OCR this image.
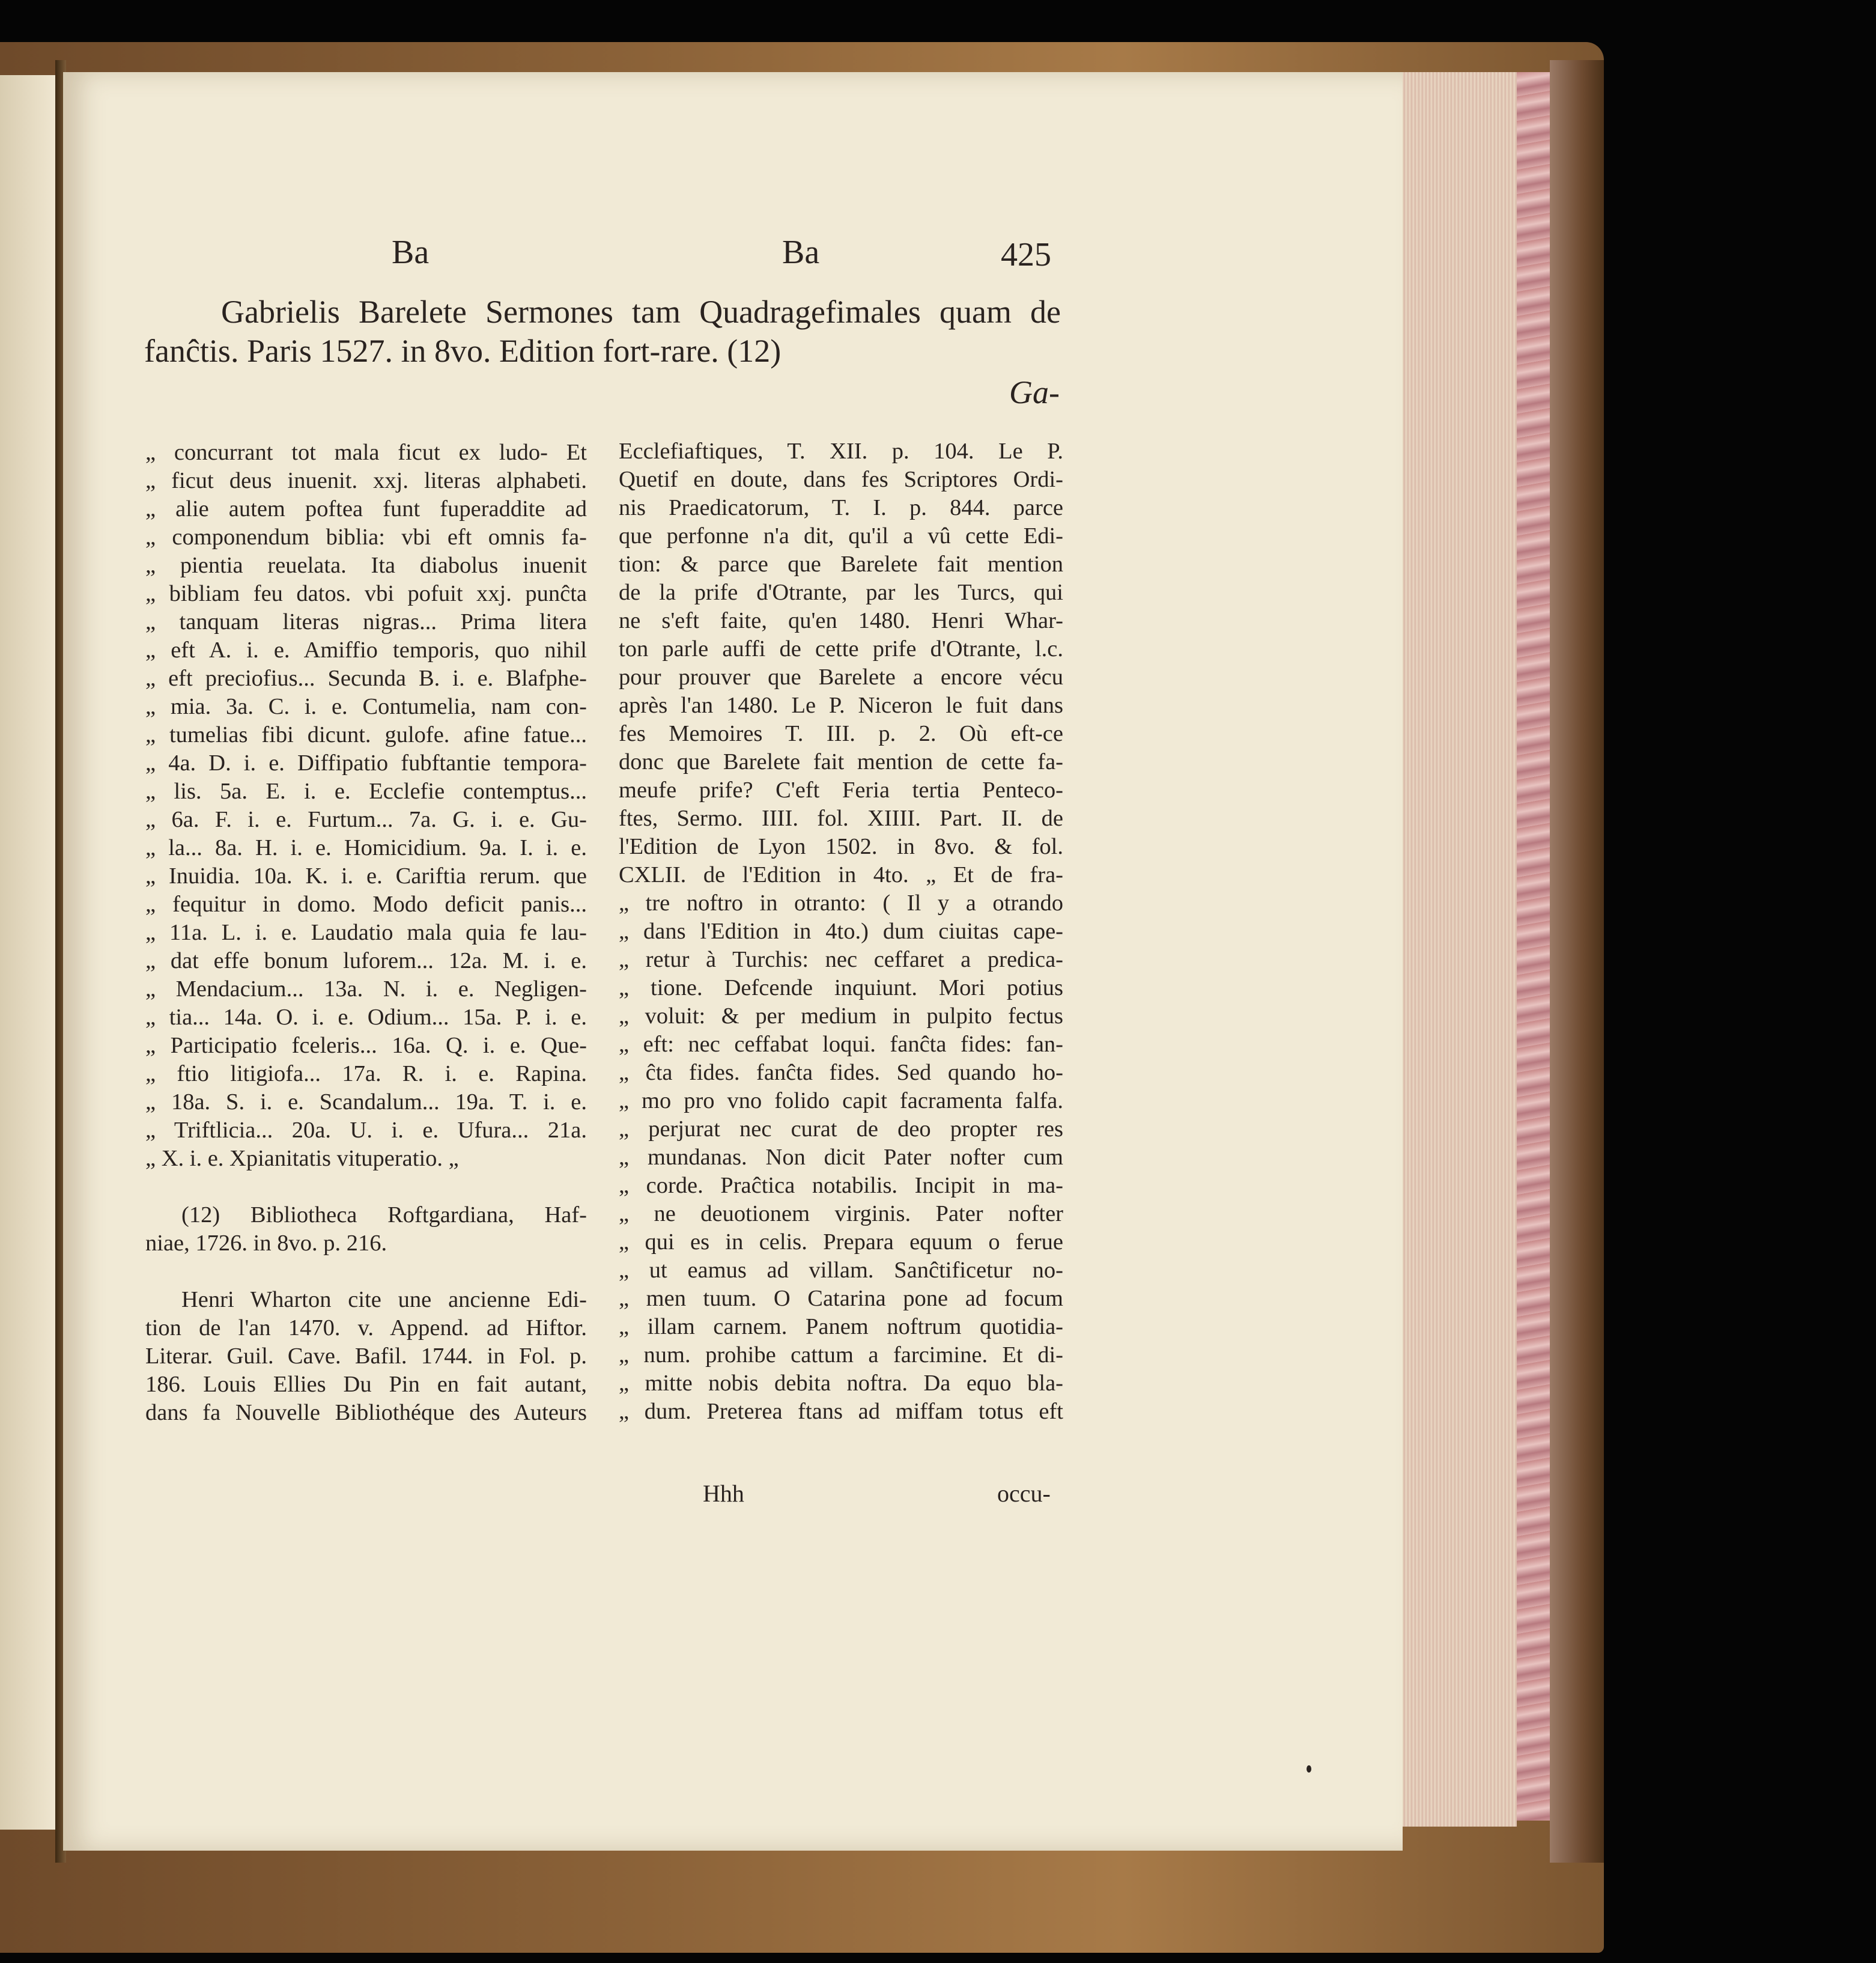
Ba	Ba	425
Gabrielis Barelete Sermones tam Quadragefimales quam de
fanĉtis. Paris 1527. in 8vo. Edition fort-rare. (12)
Ga-
„ concurrant tot mala ficut ex ludo- Et
„ ficut deus inuenit. xxj. literas alphabeti.
„ alie autem poftea funt fuperaddite ad
„ componendum biblia: vbi eft omnis fa-
„ pientia reuelata. Ita diabolus inuenit
„ bibliam feu datos. vbi pofuit xxj. punĉta
„ tanquam literas nigras... Prima litera
„ eft A. i. e. Amiffio temporis, quo nihil
„ eft preciofius... Secunda B. i. e. Blafphe-
„ mia. 3a. C. i. e. Contumelia, nam con-
„ tumelias fibi dicunt. gulofe. afine fatue...
„ 4a. D. i. e. Diffipatio fubftantie tempora-
„ lis. 5a. E. i. e. Ecclefie contemptus...
„ 6a. F. i. e. Furtum... 7a. G. i. e. Gu-
„ la... 8a. H. i. e. Homicidium. 9a. I. i. e.
„ Inuidia. 10a. K. i. e. Cariftia rerum. que
„ fequitur in domo. Modo deficit panis...
„ 11a. L. i. e. Laudatio mala quia fe lau-
„ dat effe bonum luforem... 12a. M. i. e.
„ Mendacium... 13a. N. i. e. Negligen-
„ tia... 14a. O. i. e. Odium... 15a. P. i. e.
„ Participatio fceleris... 16a. Q. i. e. Que-
„ ftio litigiofa... 17a. R. i. e. Rapina.
„ 18a. S. i. e. Scandalum... 19a. T. i. e.
„ Triftlicia... 20a. U. i. e. Ufura... 21a.
„ X. i. e. Xpianitatis vituperatio. „
(12) Bibliotheca Roftgardiana, Haf-
niae, 1726. in 8vo. p. 216.
Henri Wharton cite une ancienne Edi-
tion de l'an 1470. v. Append. ad Hiftor.
Literar. Guil. Cave. Bafil. 1744. in Fol. p.
186. Louis Ellies Du Pin en fait autant,
dans fa Nouvelle Bibliothéque des Auteurs
Ecclefiaftiques, T. XII. p. 104. Le P.
Quetif en doute, dans fes Scriptores Ordi-
nis Praedicatorum, T. I. p. 844. parce
que perfonne n'a dit, qu'il a vû cette Edi-
tion: & parce que Barelete fait mention
de la prife d'Otrante, par les Turcs, qui
ne s'eft faite, qu'en 1480. Henri Whar-
ton parle auffi de cette prife d'Otrante, l.c.
pour prouver que Barelete a encore vécu
après l'an 1480. Le P. Niceron le fuit dans
fes Memoires T. III. p. 2. Où eft-ce
donc que Barelete fait mention de cette fa-
meufe prife? C'eft Feria tertia Penteco-
ftes, Sermo. IIII. fol. XIIII. Part. II. de
l'Edition de Lyon 1502. in 8vo. & fol.
CXLII. de l'Edition in 4to. „ Et de fra-
„ tre noftro in otranto: ( Il y a otrando
„ dans l'Edition in 4to.) dum ciuitas cape-
„ retur à Turchis: nec ceffaret a predica-
„ tione. Defcende inquiunt. Mori potius
„ voluit: & per medium in pulpito fectus
„ eft: nec ceffabat loqui. fanĉta fides: fan-
„ ĉta fides. fanĉta fides. Sed quando ho-
„ mo pro vno folido capit facramenta falfa.
„ perjurat nec curat de deo propter res
„ mundanas. Non dicit Pater nofter cum
„ corde. Praĉtica notabilis. Incipit in ma-
„ ne deuotionem virginis. Pater nofter
„ qui es in celis. Prepara equum o ferue
„ ut eamus ad villam. Sanĉtificetur no-
„ men tuum. O Catarina pone ad focum
„ illam carnem. Panem noftrum quotidia-
„ num. prohibe cattum a farcimine. Et di-
„ mitte nobis debita noftra. Da equo bla-
„ dum. Preterea ftans ad miffam totus eft
Hhh	occu-
